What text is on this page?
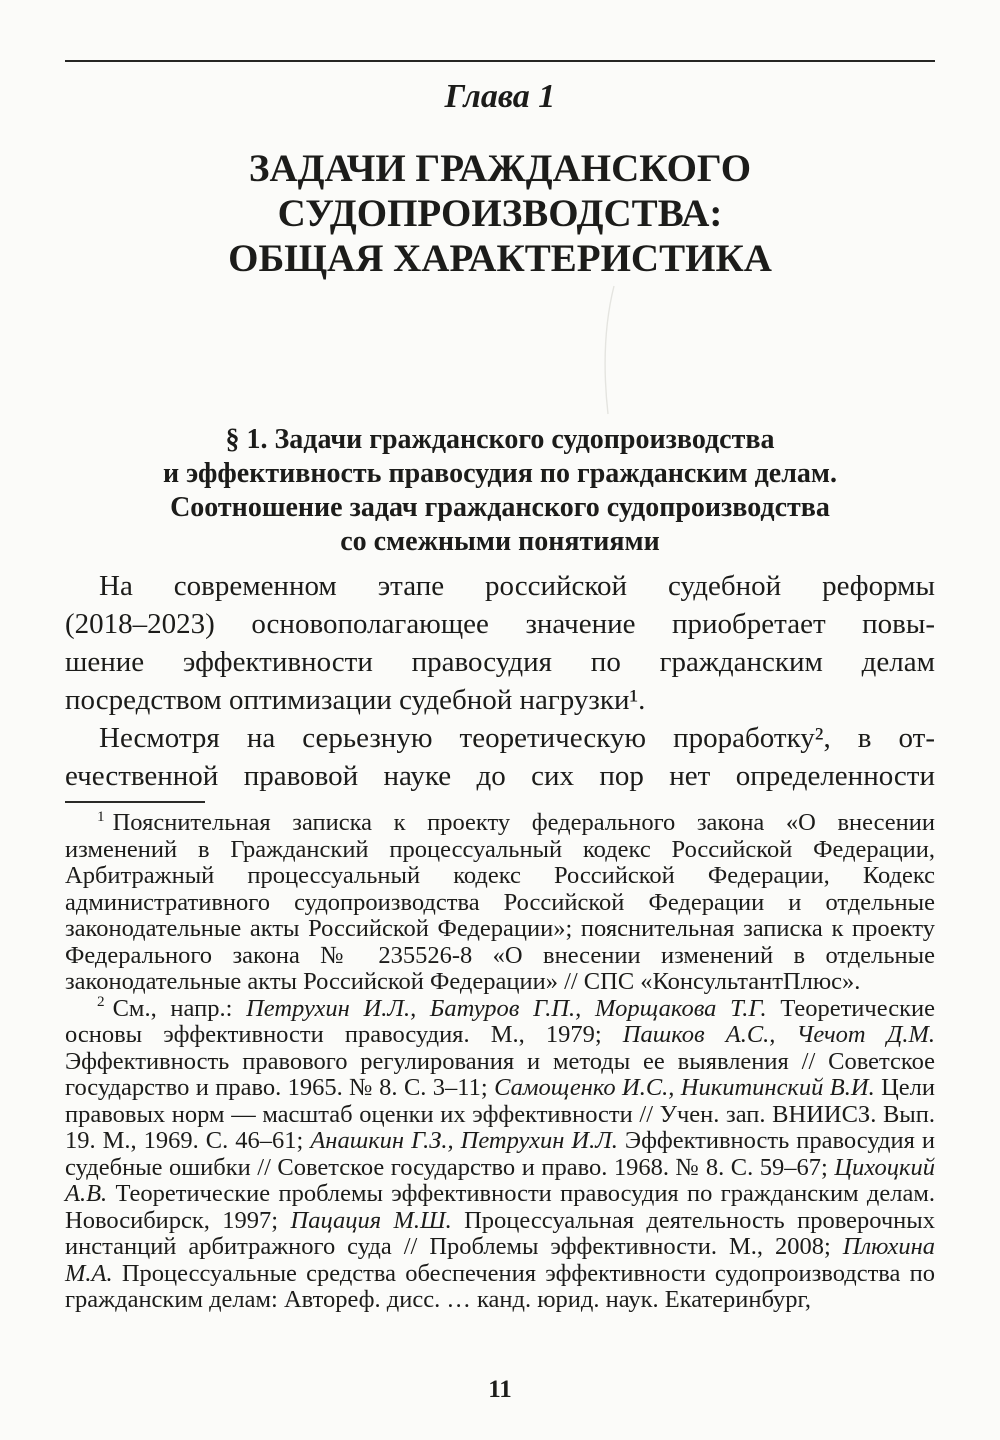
Глава 1
ЗАДАЧИ ГРАЖДАНСКОГО
СУДОПРОИЗВОДСТВА:
ОБЩАЯ ХАРАКТЕРИСТИКА
§ 1. Задачи гражданского судопроизводства
и эффективность правосудия по гражданским делам.
Соотношение задач гражданского судопроизводства
со смежными понятиями

На современном этапе российской судебной реформы
(2018–2023) основополагающее значение приобретает повы-
шение эффективности правосудия по гражданским делам
посредством оптимизации судебной нагрузки¹.

Несмотря на серьезную теоретическую проработку², в от-
ечественной правовой науке до сих пор нет определенности

$^1$ Пояснительная записка к проекту федерального закона «О внесении изменений в Гражданский процессуальный кодекс Российской Федерации, Арбитражный процессуальный кодекс Российской Федерации, Кодекс административного судопроизводства Российской Федерации и отдельные законодательные акты Российской Федерации»; пояснительная записка к проекту Федерального закона № 235526-8 «О внесении изменений в отдельные законодательные акты Российской Федерации» // СПС «КонсультантПлюс».

$^2$ См., напр.: Петрухин И.Л., Батуров Г.П., Морщакова Т.Г. Теоретические основы эффективности правосудия. М., 1979; Пашков А.С., Чечот Д.М. Эффективность правового регулирования и методы ее выявления // Советское государство и право. 1965. № 8. С. 3–11; Самощенко И.С., Никитинский В.И. Цели правовых норм — масштаб оценки их эффективности // Учен. зап. ВНИИСЗ. Вып. 19. М., 1969. С. 46–61; Анашкин Г.З., Петрухин И.Л. Эффективность правосудия и судебные ошибки // Советское государство и право. 1968. № 8. С. 59–67; Цихоцкий А.В. Теоретические проблемы эффективности правосудия по гражданским делам. Новосибирск, 1997; Пацация М.Ш. Процессуальная деятельность проверочных инстанций арбитражного суда // Проблемы эффективности. М., 2008; Плюхина М.А. Процессуальные средства обеспечения эффективности судопроизводства по гражданским делам: Автореф. дисс. … канд. юрид. наук. Екатеринбург,

11
